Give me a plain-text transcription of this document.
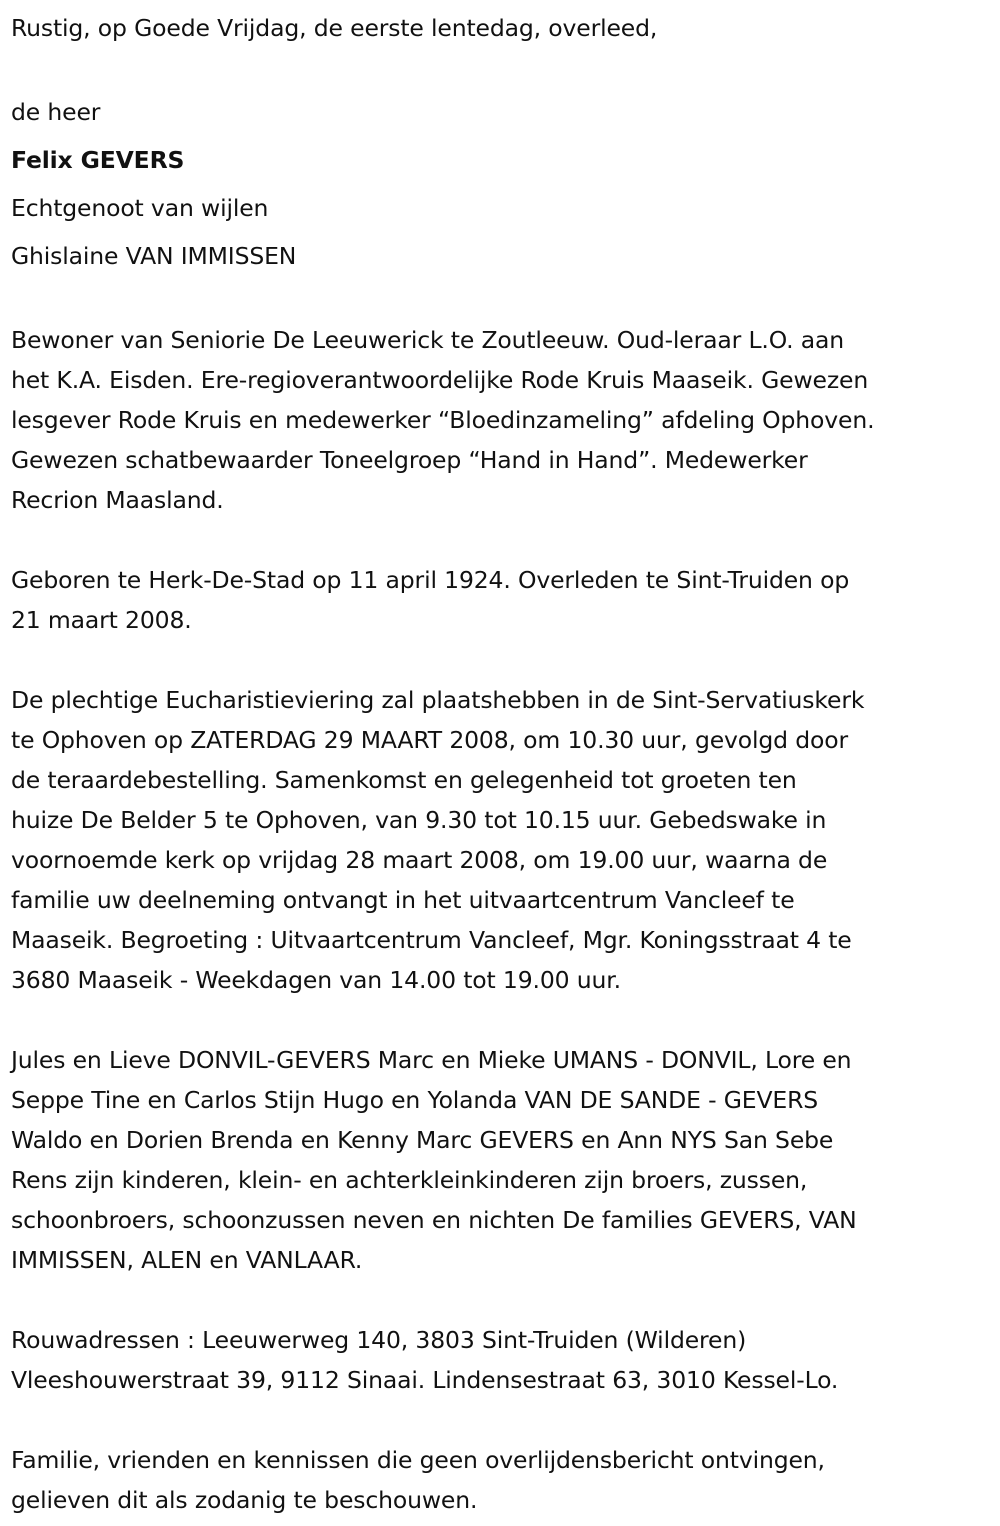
Rustig, op Goede Vrijdag, de eerste lentedag, overleed,

de heer

Felix GEVERS

Echtgenoot van wijlen

Ghislaine VAN IMMISSEN

Bewoner van Seniorie De Leeuwerick te Zoutleeuw. Oud-leraar L.O. aan

het K.A. Eisden. Ere-regioverantwoordelijke Rode Kruis Maaseik. Gewezen

lesgever Rode Kruis en medewerker “Bloedinzameling” afdeling Ophoven.

Gewezen schatbewaarder Toneelgroep “Hand in Hand”. Medewerker

Recrion Maasland.

Geboren te Herk-De-Stad op 11 april 1924. Overleden te Sint-Truiden op

21 maart 2008.

De plechtige Eucharistieviering zal plaatshebben in de Sint-Servatiuskerk

te Ophoven op ZATERDAG 29 MAART 2008, om 10.30 uur, gevolgd door

de teraardebestelling. Samenkomst en gelegenheid tot groeten ten

huize De Belder 5 te Ophoven, van 9.30 tot 10.15 uur. Gebedswake in

voornoemde kerk op vrijdag 28 maart 2008, om 19.00 uur, waarna de

familie uw deelneming ontvangt in het uitvaartcentrum Vancleef te

Maaseik. Begroeting : Uitvaartcentrum Vancleef, Mgr. Koningsstraat 4 te

3680 Maaseik - Weekdagen van 14.00 tot 19.00 uur.

Jules en Lieve DONVIL-GEVERS Marc en Mieke UMANS - DONVIL, Lore en

Seppe Tine en Carlos Stijn Hugo en Yolanda VAN DE SANDE - GEVERS

Waldo en Dorien Brenda en Kenny Marc GEVERS en Ann NYS San Sebe

Rens zijn kinderen, klein- en achterkleinkinderen zijn broers, zussen,

schoonbroers, schoonzussen neven en nichten De families GEVERS, VAN

IMMISSEN, ALEN en VANLAAR.

Rouwadressen : Leeuwerweg 140, 3803 Sint-Truiden (Wilderen)

Vleeshouwerstraat 39, 9112 Sinaai. Lindensestraat 63, 3010 Kessel-Lo.

Familie, vrienden en kennissen die geen overlijdensbericht ontvingen,

gelieven dit als zodanig te beschouwen.
